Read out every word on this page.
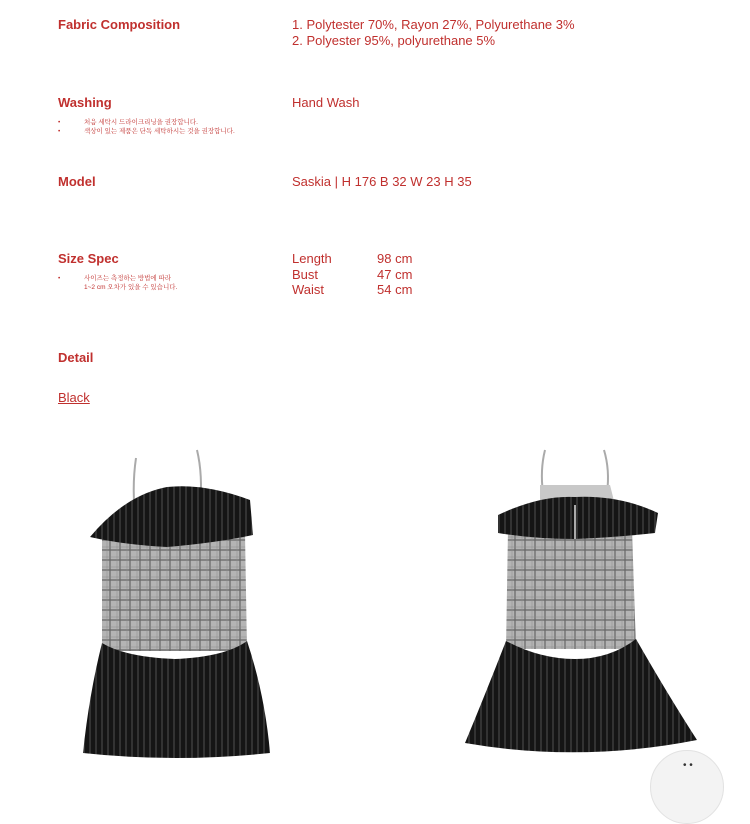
Fabric Composition	1. Polytester 70%, Rayon 27%, Polyurethane 3%
2. Polyester 95%, polyurethane 5%
Washing	Hand Wash
• 처음 세탁시 드라이크리닝을 권장합니다.
• 색상이 있는 제품은 단독 세탁하시는 것을 권장합니다.
Model	Saskia | H 176 B 32 W 23 H 35
Size Spec
• 사이즈는 측정하는 방법에 따라
1~2 cm 오차가 있을 수 있습니다.
Length	98 cm
Bust	47 cm
Waist	54 cm
Detail
Black
• •
